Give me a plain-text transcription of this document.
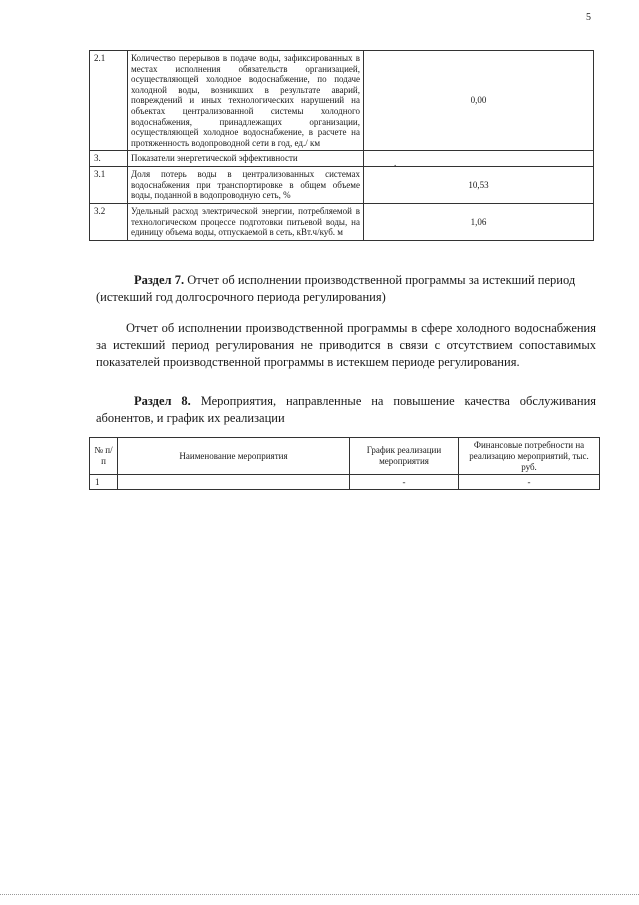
5
2.1	Количество перерывов в подаче воды, зафиксированных в местах исполнения обязательств организацией, осуществляющей холодное водоснабжение, по подаче холодной воды, возникших в результате аварий, повреждений и иных технологических нарушений на объектах централизованной системы холодного водоснабжения, принадлежащих организации, осуществляющей холодное водоснабжение, в расчете на протяженность водопроводной сети в год, ед./ км	0,00
3.	Показатели энергетической эффективности	.
3.1	Доля потерь воды в централизованных системах водоснабжения при транспортировке в общем объеме воды, поданной в водопроводную сеть, %	10,53
3.2	Удельный расход электрической энергии, потребляемой в технологическом процессе подготовки питьевой воды, на единицу объема воды, отпускаемой в сеть, кВт.ч/куб. м	1,06
Раздел 7. Отчет об исполнении производственной программы за истекший период (истекший год долгосрочного периода регулирования)
Отчет об исполнении производственной программы в сфере холодного водоснабжения за истекший период регулирования не приводится в связи с отсутствием сопоставимых показателей производственной программы в истекшем периоде регулирования.
Раздел 8. Мероприятия, направленные на повышение качества обслуживания абонентов, и график их реализации
№ п/п	Наименование мероприятия	График реализации мероприятия	Финансовые потребности на реализацию мероприятий, тыс. руб.
1		-	-
